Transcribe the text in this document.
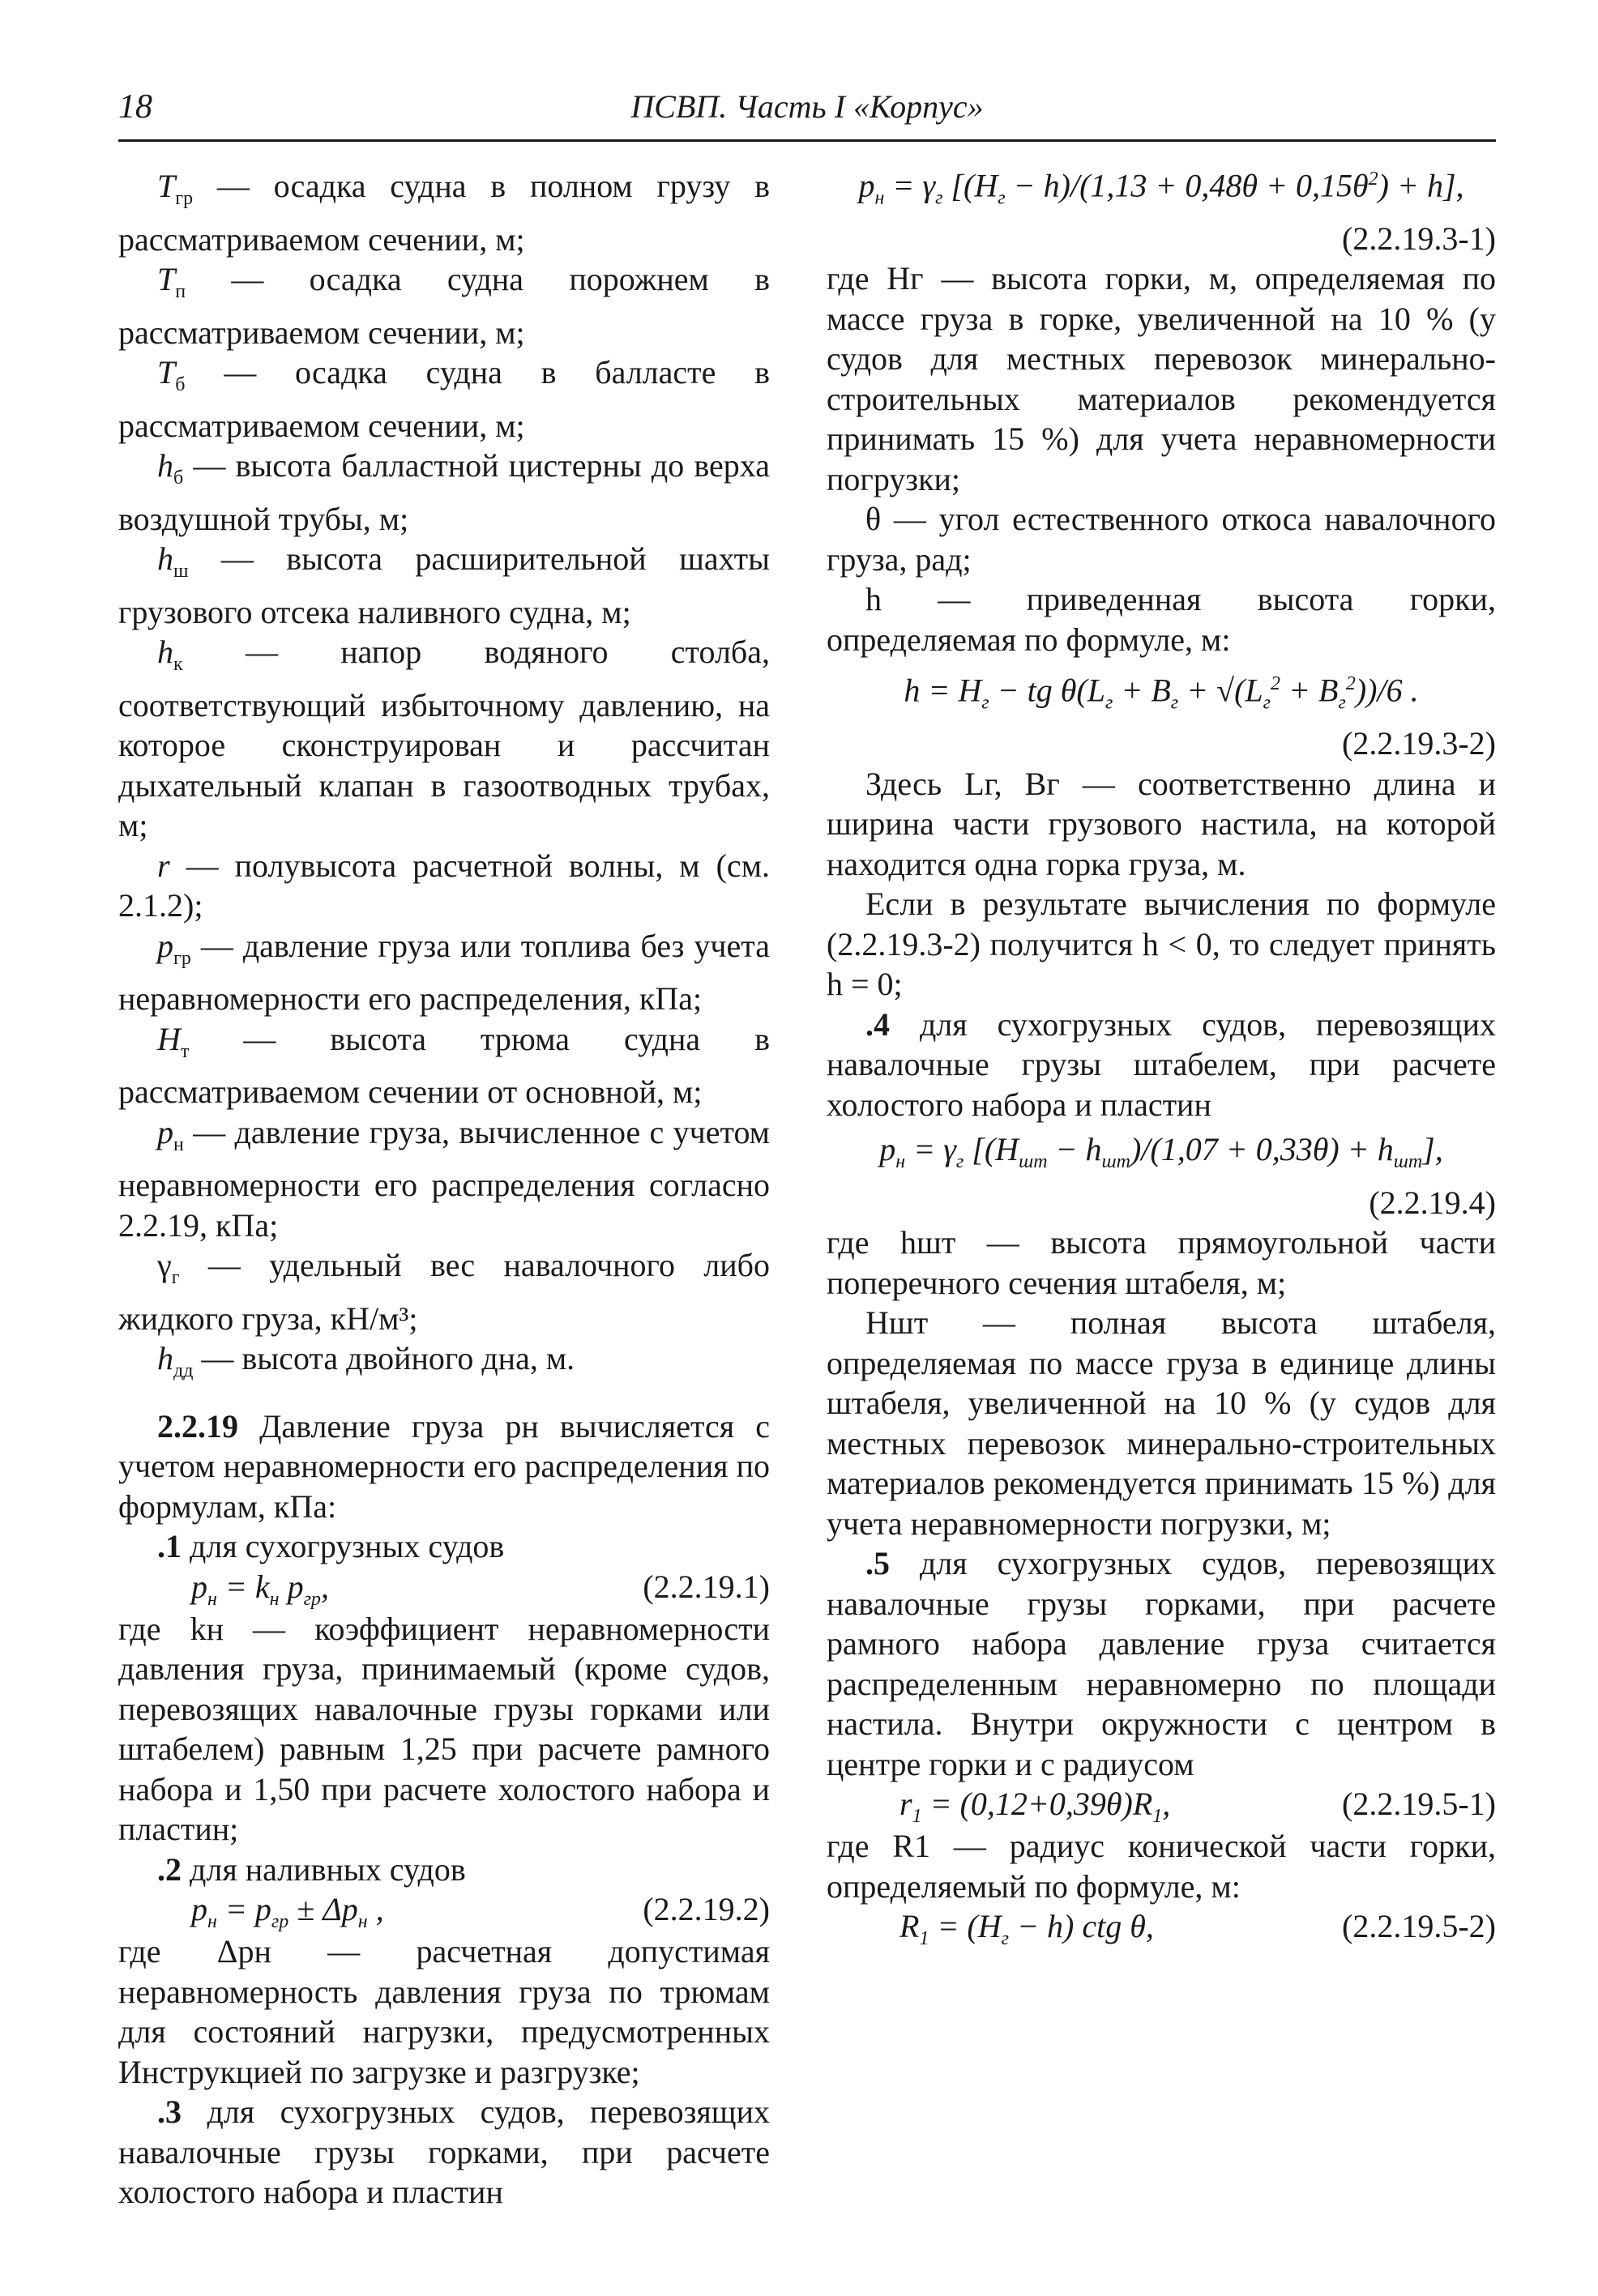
18	ПСВП. Часть I «Корпус»

$T_{гр}$ — осадка судна в полном грузу в рассматриваемом сечении, м;

$T_п$ — осадка судна порожнем в рассматриваемом сечении, м;

$T_б$ — осадка судна в балласте в рассматриваемом сечении, м;

$h_б$ — высота балластной цистерны до верха воздушной трубы, м;

$h_ш$ — высота расширительной шахты грузового отсека наливного судна, м;

$h_к$ — напор водяного столба, соответствующий избыточному давлению, на которое сконструирован и рассчитан дыхательный клапан в газоотводных трубах, м;

r — полувысота расчетной волны, м (см. 2.1.2);

$p_{гр}$ — давление груза или топлива без учета неравномерности его распределения, кПа;

$H_т$ — высота трюма судна в рассматриваемом сечении от основной, м;

$p_н$ — давление груза, вычисленное с учетом неравномерности его распределения согласно 2.2.19, кПа;

$\gamma_г$ — удельный вес навалочного либо жидкого груза, кН/м³;

$h_{дд}$ — высота двойного дна, м.

2.2.19 Давление груза pн вычисляется с учетом неравномерности его распределения по формулам, кПа:

.1 для сухогрузных судов

$p_н = k_н$ $p_{гр}$,	(2.2.19.1)

где kн — коэффициент неравномерности давления груза, принимаемый (кроме судов, перевозящих навалочные грузы горками или штабелем) равным 1,25 при расчете рамного набора и 1,50 при расчете холостого набора и пластин;

.2 для наливных судов

$p_н = p_{гр} \pm \Delta p_н$ ,	(2.2.19.2)

где Δpн — расчетная допустимая неравномерность давления груза по трюмам для состояний нагрузки, предусмотренных Инструкцией по загрузке и разгрузке;

.3 для сухогрузных судов, перевозящих навалочные грузы горками, при расчете холостого набора и пластин

$p_н = \gamma_г$ $[(H_г - h)/(1,13 + 0,48\theta + 0,15\theta^2) + h]$,

(2.2.19.3-1)

где Hг — высота горки, м, определяемая по массе груза в горке, увеличенной на 10 % (у судов для местных перевозок минерально-строительных материалов рекомендуется принимать 15 %) для учета неравномерности погрузки;

θ — угол естественного откоса навалочного груза, рад;

h — приведенная высота горки, определяемая по формуле, м:

$h = H_г$ − tg $\theta(L_г + B_г + √(L_г^2 + B_г^2))/6$ .

(2.2.19.3-2)

Здесь Lг, Bг — соответственно длина и ширина части грузового настила, на которой находится одна горка груза, м.

Если в результате вычисления по формуле (2.2.19.3-2) получится h < 0, то следует принять h = 0;

.4 для сухогрузных судов, перевозящих навалочные грузы штабелем, при расчете холостого набора и пластин

$p_н = \gamma_г$ $[(H_{шт} - h_{шт})/(1,07 + 0,33\theta) + h_{шт}]$,

(2.2.19.4)

где hшт — высота прямоугольной части поперечного сечения штабеля, м;

Hшт — полная высота штабеля, определяемая по массе груза в единице длины штабеля, увеличенной на 10 % (у судов для местных перевозок минерально-строительных материалов рекомендуется принимать 15 %) для учета неравномерности погрузки, м;

.5 для сухогрузных судов, перевозящих навалочные грузы горками, при расчете рамного набора давление груза считается распределенным неравномерно по площади настила. Внутри окружности с центром в центре горки и с радиусом

$r_1 = (0,12+0,39\theta)R_1$,	(2.2.19.5-1)

где R1 — радиус конической части горки, определяемый по формуле, м:

$R_1 = (H_г - h)$ ctg θ,	(2.2.19.5-2)
